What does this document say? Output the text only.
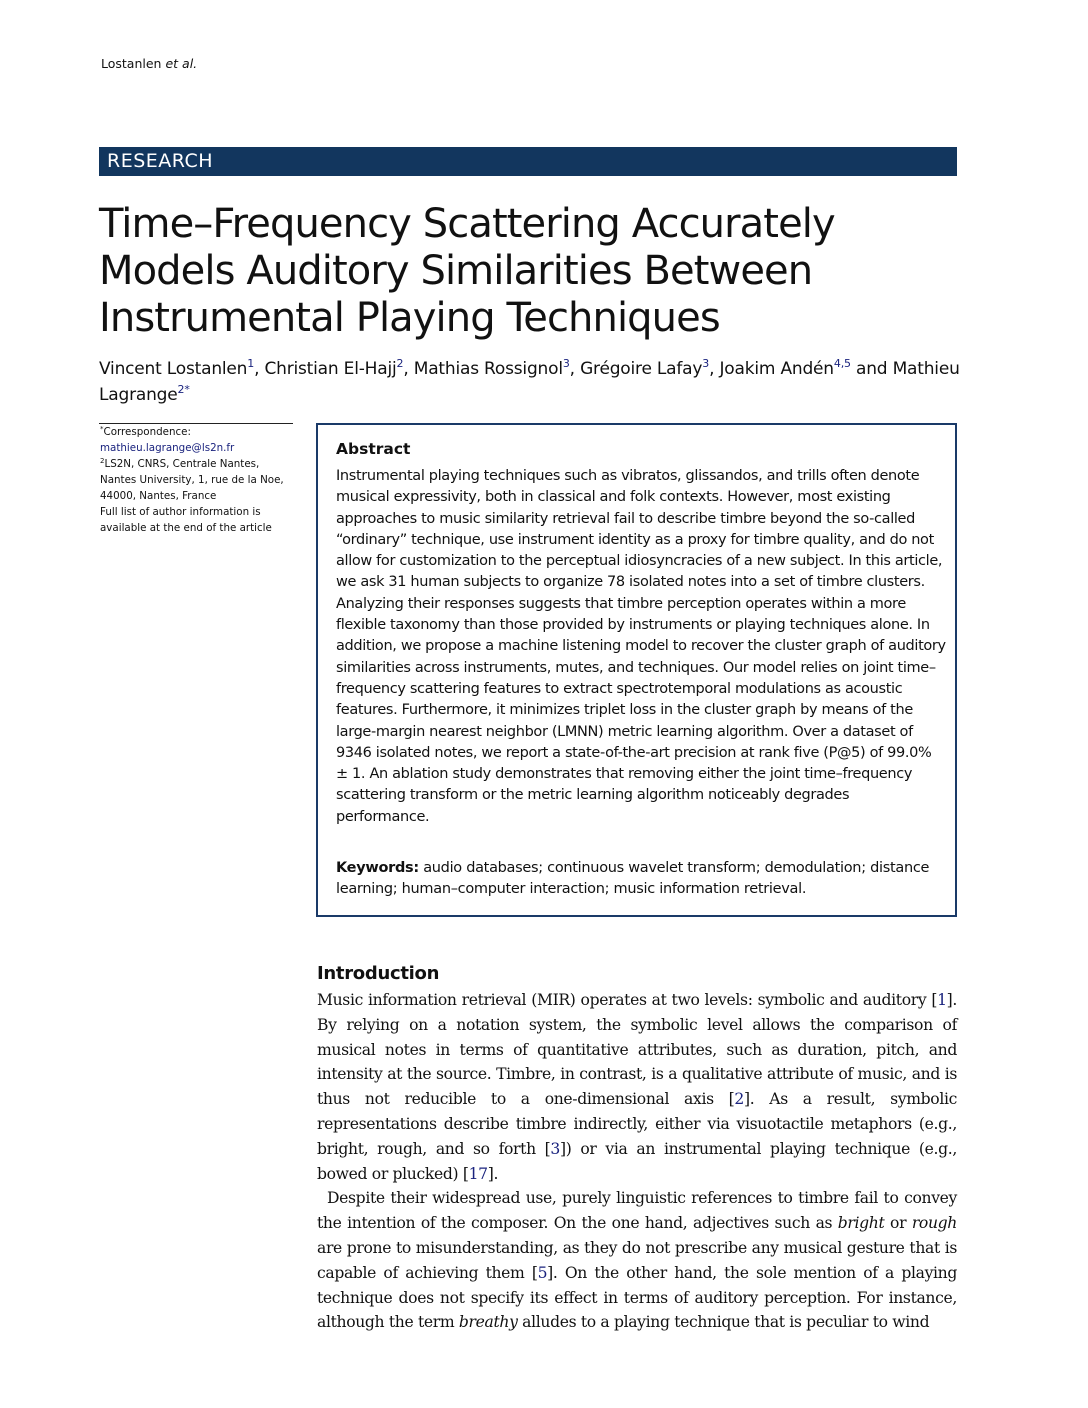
Lostanlen et al.
RESEARCH
Time–Frequency Scattering Accurately Models Auditory Similarities Between Instrumental Playing Techniques
Vincent Lostanlen$^1$, Christian El-Hajj$^2$, Mathias Rossignol$^3$, Grégoire Lafay$^3$, Joakim Andén$^{4,5}$ and Mathieu Lagrange$^{2*}$
*Correspondence:
mathieu.lagrange@ls2n.fr
$^2$LS2N, CNRS, Centrale Nantes, Nantes University, 1, rue de la Noe, 44000, Nantes, France
Full list of author information is available at the end of the article
Abstract
Instrumental playing techniques such as vibratos, glissandos, and trills often denote musical expressivity, both in classical and folk contexts. However, most existing approaches to music similarity retrieval fail to describe timbre beyond the so-called “ordinary” technique, use instrument identity as a proxy for timbre quality, and do not allow for customization to the perceptual idiosyncracies of a new subject. In this article, we ask 31 human subjects to organize 78 isolated notes into a set of timbre clusters. Analyzing their responses suggests that timbre perception operates within a more flexible taxonomy than those provided by instruments or playing techniques alone. In addition, we propose a machine listening model to recover the cluster graph of auditory similarities across instruments, mutes, and techniques. Our model relies on joint time–frequency scattering features to extract spectrotemporal modulations as acoustic features. Furthermore, it minimizes triplet loss in the cluster graph by means of the large-margin nearest neighbor (LMNN) metric learning algorithm. Over a dataset of 9346 isolated notes, we report a state-of-the-art precision at rank five (P@5) of 99.0% ± 1. An ablation study demonstrates that removing either the joint time–frequency scattering transform or the metric learning algorithm noticeably degrades performance.
Keywords: audio databases; continuous wavelet transform; demodulation; distance learning; human–computer interaction; music information retrieval.
Introduction

Music information retrieval (MIR) operates at two levels: symbolic and auditory [1]. By relying on a notation system, the symbolic level allows the comparison of musical notes in terms of quantitative attributes, such as duration, pitch, and intensity at the source. Timbre, in contrast, is a qualitative attribute of music, and is thus not reducible to a one-dimensional axis [2]. As a result, symbolic representations describe timbre indirectly, either via visuotactile metaphors (e.g., bright, rough, and so forth [3]) or via an instrumental playing technique (e.g., bowed or plucked) [17].

Despite their widespread use, purely linguistic references to timbre fail to convey the intention of the composer. On the one hand, adjectives such as bright or rough are prone to misunderstanding, as they do not prescribe any musical gesture that is capable of achieving them [5]. On the other hand, the sole mention of a playing technique does not specify its effect in terms of auditory perception. For instance, although the term breathy alludes to a playing technique that is peculiar to wind
